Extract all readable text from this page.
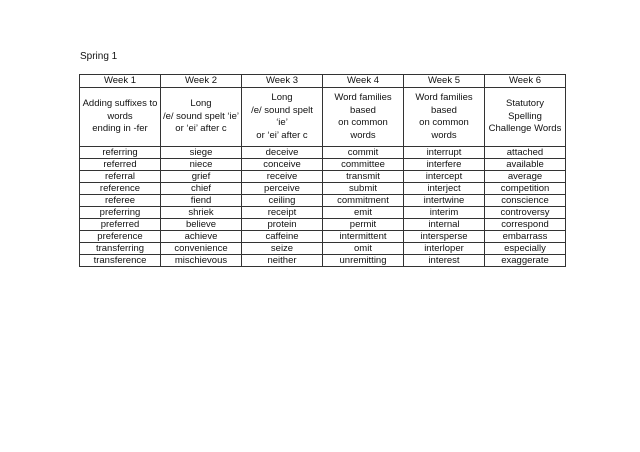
Spring 1
Week 1	Week 2	Week 3	Week 4	Week 5	Week 6

Adding suffixes to
words
ending in -fer	Long
/e/ sound spelt ‘ie’
or ‘ei’ after c	Long
/e/ sound spelt
‘ie’
or ‘ei’ after c	Word families
based
on common
words	Word families
based
on common
words	Statutory
Spelling
Challenge Words

referring	siege	deceive	commit	interrupt	attached
referred	niece	conceive	committee	interfere	available
referral	grief	receive	transmit	intercept	average
reference	chief	perceive	submit	interject	competition
referee	fiend	ceiling	commitment	intertwine	conscience
preferring	shriek	receipt	emit	interim	controversy
preferred	believe	protein	permit	internal	correspond
preference	achieve	caffeine	intermittent	intersperse	embarrass
transferring	convenience	seize	omit	interloper	especially
transference	mischievous	neither	unremitting	interest	exaggerate
